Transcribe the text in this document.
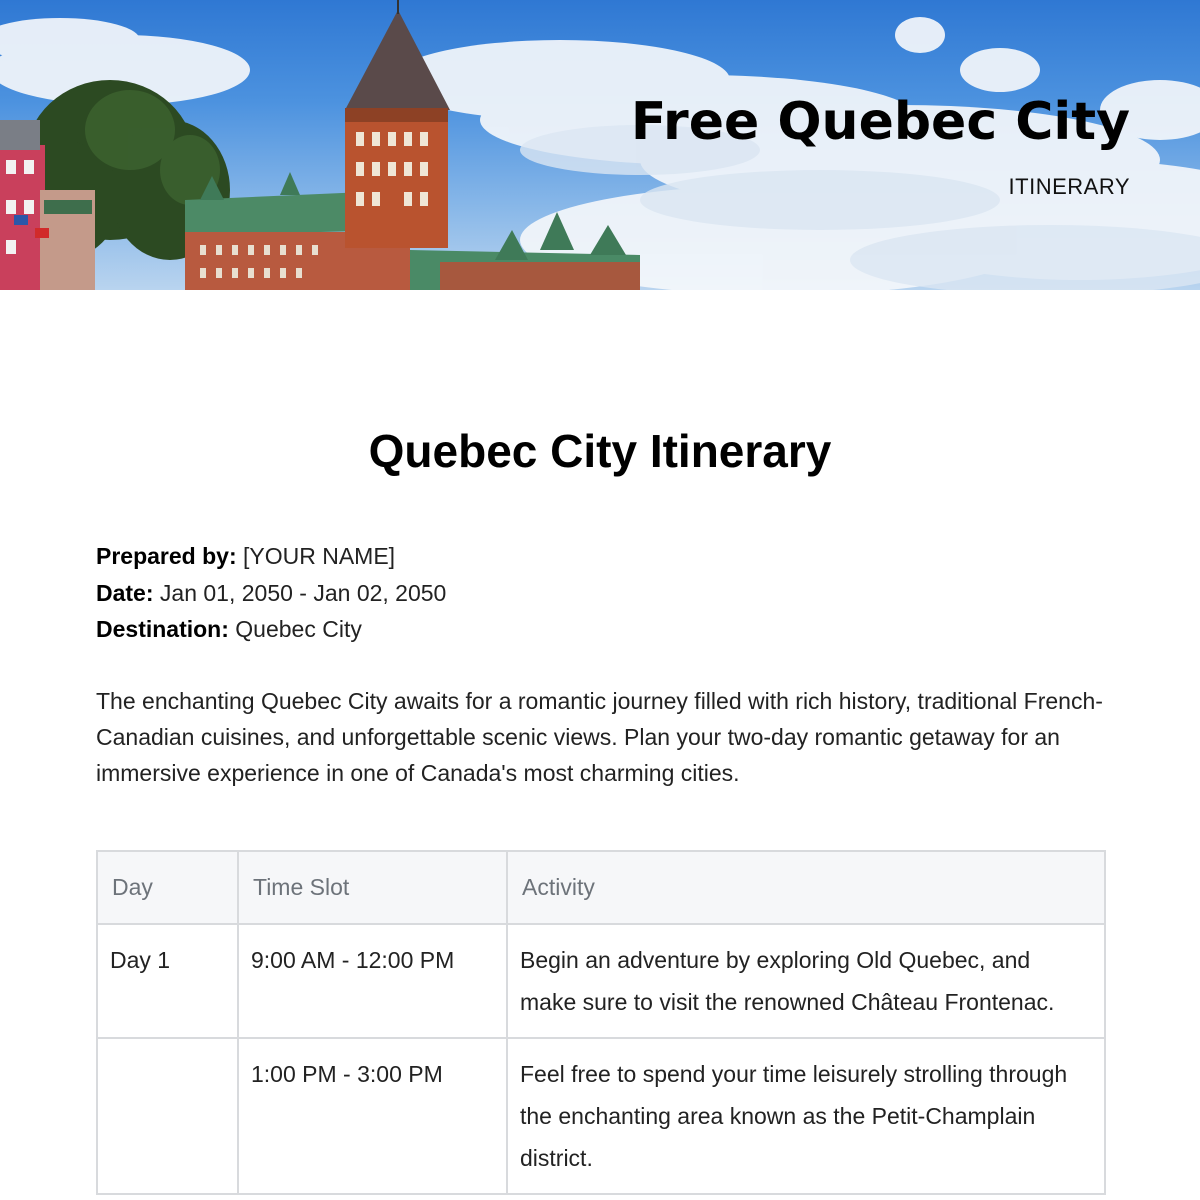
Free Quebec City
ITINERARY
Quebec City Itinerary
Prepared by: [YOUR NAME]
Date: Jan 01, 2050 - Jan 02, 2050
Destination: Quebec City

The enchanting Quebec City awaits for a romantic journey filled with rich history, traditional French-Canadian cuisines, and unforgettable scenic views. Plan your two-day romantic getaway for an immersive experience in one of Canada's most charming cities.

Day	Time Slot	Activity
Day 1	9:00 AM - 12:00 PM	Begin an adventure by exploring Old Quebec, and make sure to visit the renowned Château Frontenac.
	1:00 PM - 3:00 PM	Feel free to spend your time leisurely strolling through the enchanting area known as the Petit-Champlain district.
